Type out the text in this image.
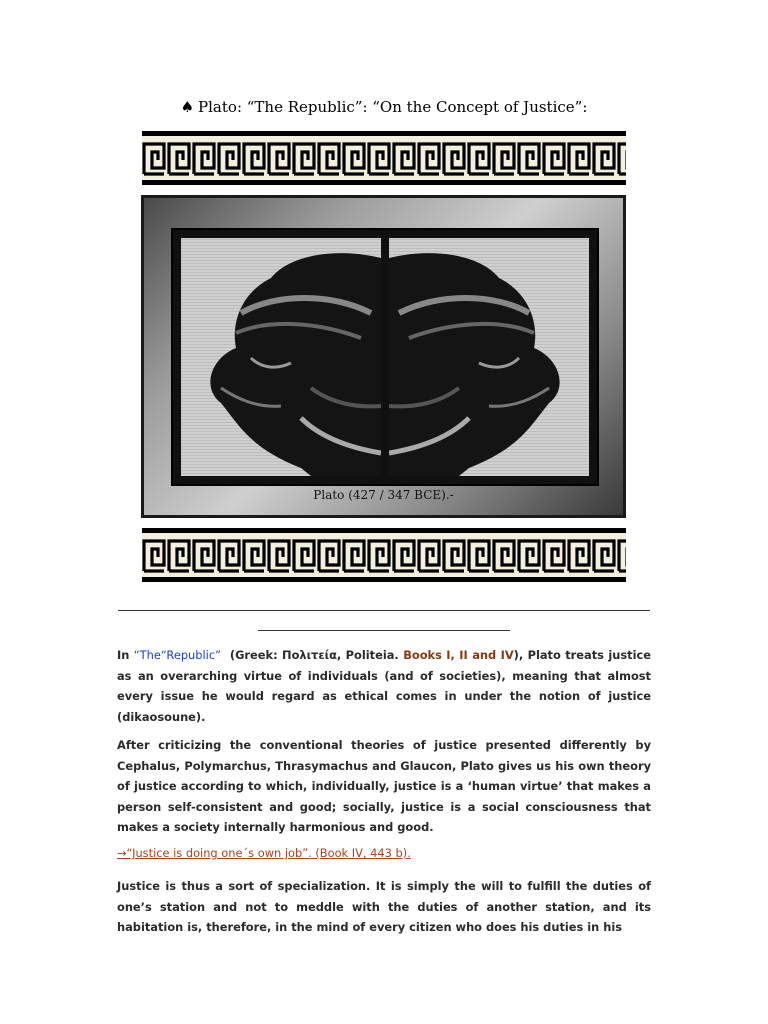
♠ Plato: “The Republic”: “On the Concept of Justice”:
Plato (427 / 347 BCE).-

In “The“Republic”  (Greek: Πολιτεία, Politeia. Books I, II and IV), Plato treats justice as an overarching virtue of individuals (and of societies), meaning that almost every issue he would regard as ethical comes in under the notion of justice (dikaosoune).

After criticizing the conventional theories of justice presented differently by Cephalus, Polymarchus, Thrasymachus and Glaucon, Plato gives us his own theory of justice according to which, individually, justice is a ‘human virtue’ that makes a person self-consistent and good; socially, justice is a social consciousness that makes a society internally harmonious and good.

→“Justice is doing one´s own job”. (Book IV, 443 b).

Justice is thus a sort of specialization. It is simply the will to fulfill the duties of one’s station and not to meddle with the duties of another station, and its habitation is, therefore, in the mind of every citizen who does his duties in his
